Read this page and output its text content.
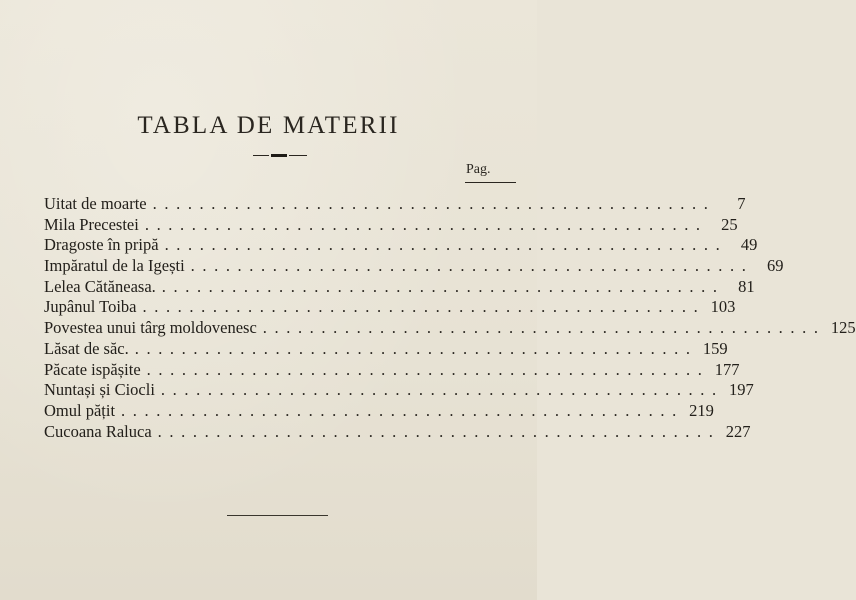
TABLA DE MATERII
Pag.
Uitat de moarte ................................................	7
Mila Precestei ................................................ 25
Dragoste în pripă ................................................ 49
Impăratul de la Igești ................................................ 69
Lelea Cătăneasa. ................................................ 81
Jupânul Toiba ................................................ 103
Povestea unui târg moldovenesc ................................................ 125
Lăsat de săc. ................................................ 159
Păcate ispășite ................................................ 177
Nuntași și Ciocli ................................................ 197
Omul pățit ................................................ 219
Cucoana Raluca ................................................ 227
